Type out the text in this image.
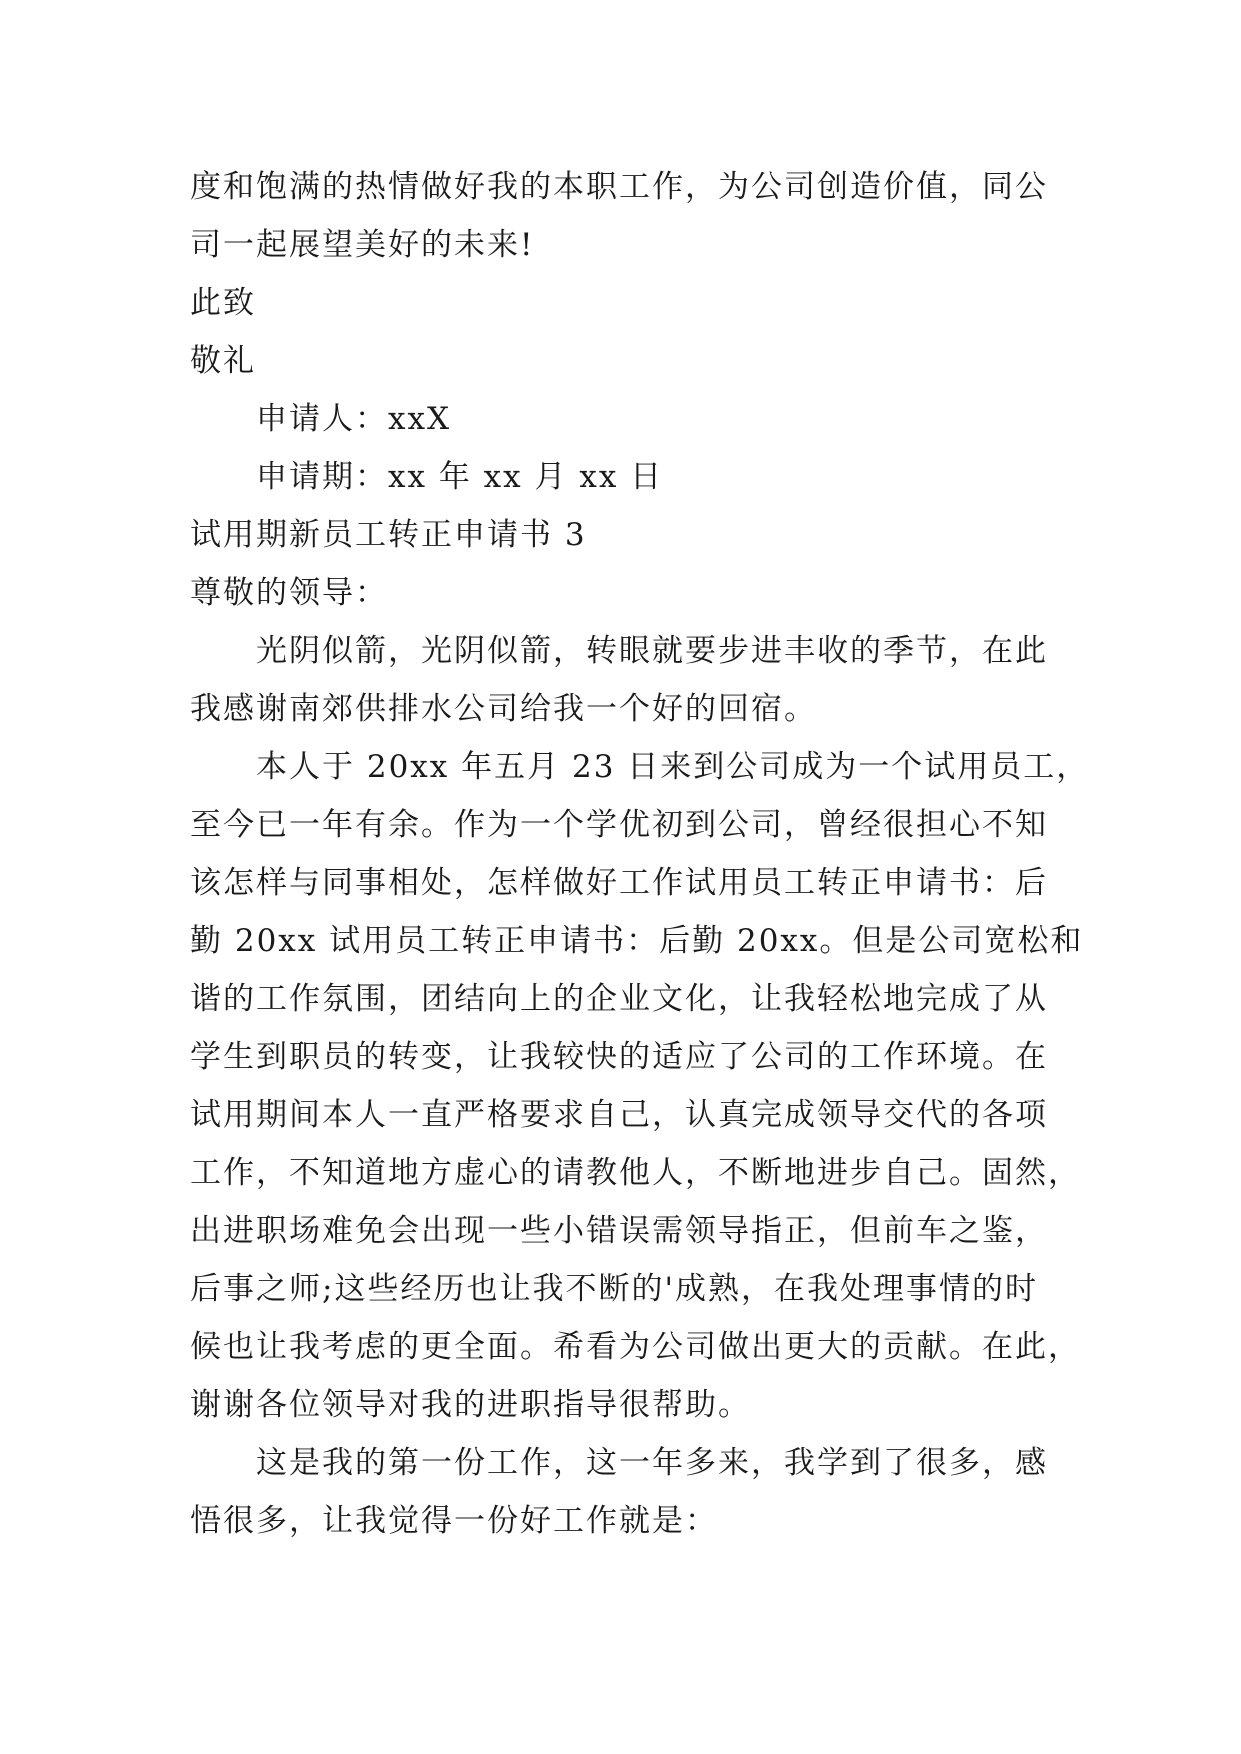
度和饱满的热情做好我的本职工作，为公司创造价值，同公
司一起展望美好的未来!
此致
敬礼
申请人：xxX
申请期：xx 年 xx 月 xx 日
试用期新员工转正申请书 3
尊敬的领导：
光阴似箭，光阴似箭，转眼就要步进丰收的季节，在此
我感谢南郊供排水公司给我一个好的回宿。
本人于 20xx 年五月 23 日来到公司成为一个试用员工，
至今已一年有余。作为一个学优初到公司，曾经很担心不知
该怎样与同事相处，怎样做好工作试用员工转正申请书：后
勤 20xx 试用员工转正申请书：后勤 20xx。但是公司宽松和
谐的工作氛围，团结向上的企业文化，让我轻松地完成了从
学生到职员的转变，让我较快的适应了公司的工作环境。在
试用期间本人一直严格要求自己，认真完成领导交代的各项
工作，不知道地方虚心的请教他人，不断地进步自己。固然，
出进职场难免会出现一些小错误需领导指正，但前车之鉴，
后事之师;这些经历也让我不断的'成熟，在我处理事情的时
候也让我考虑的更全面。希看为公司做出更大的贡献。在此，
谢谢各位领导对我的进职指导很帮助。
这是我的第一份工作，这一年多来，我学到了很多，感
悟很多，让我觉得一份好工作就是：
